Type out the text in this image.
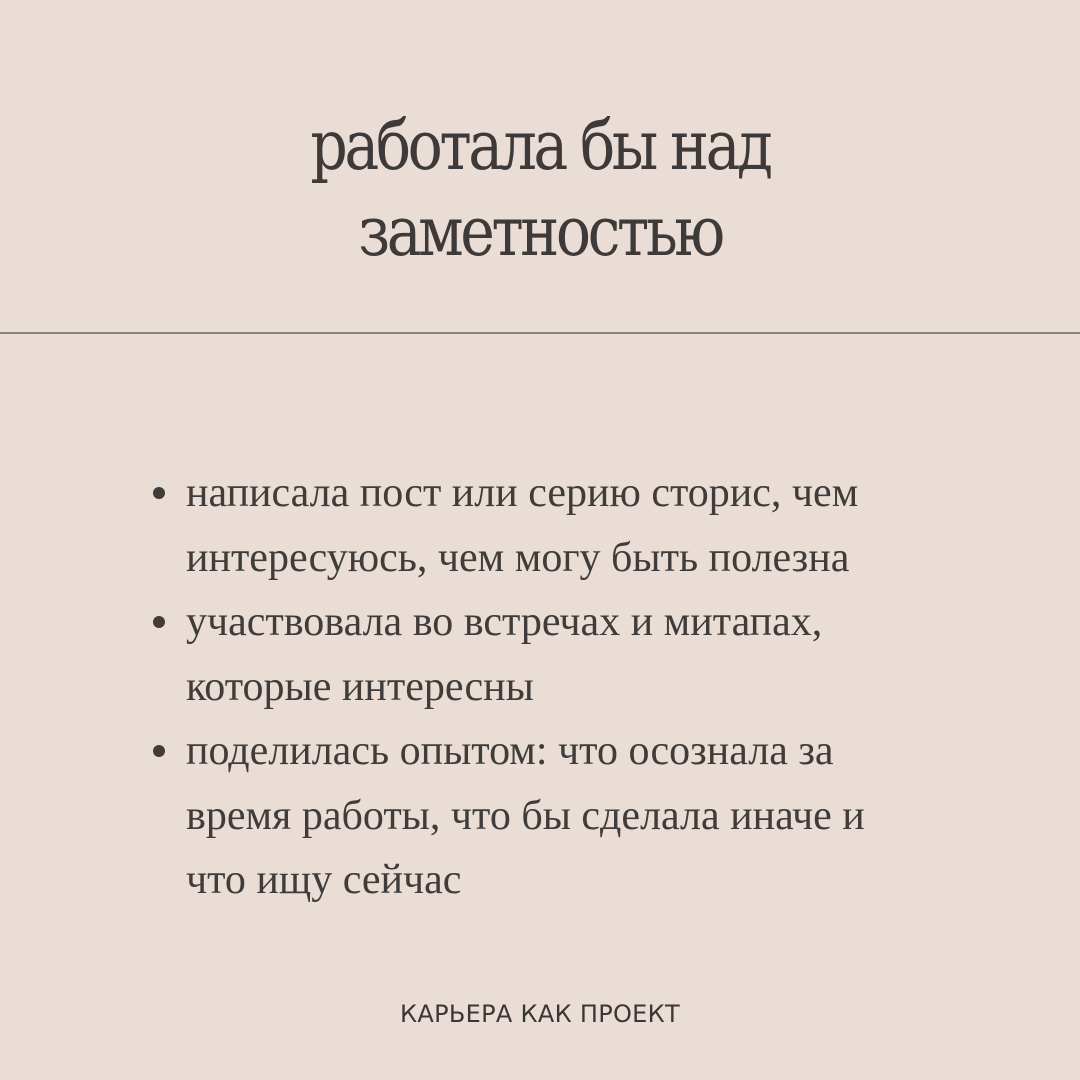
работала бы над
заметностью
написала пост или серию сторис, чем интересуюсь, чем могу быть полезна
участвовала во встречах и митапах, которые интересны
поделилась опытом: что осознала за время работы, что бы сделала иначе и что ищу сейчас
КАРЬЕРА КАК ПРОЕКТ
